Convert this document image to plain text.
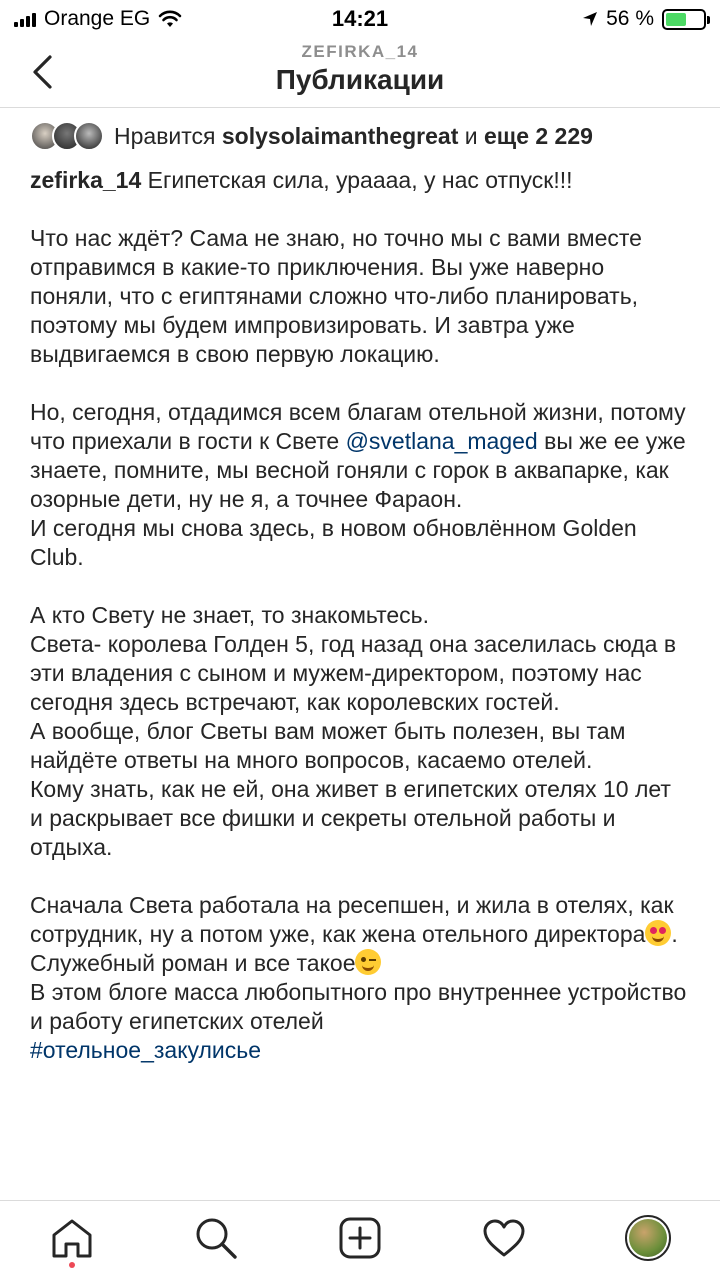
Orange EG	14:21	56 %
ZEFIRKA_14
Публикации
Нравится solysolaimanthegreat и еще 2 229

zefirka_14 Египетская сила, урааaa, у нас отпуск!!!

Что нас ждёт? Сама не знаю, но точно мы с вами вместе отправимся в какие-то приключения. Вы уже наверно поняли, что с египтянами сложно что-либо планировать, поэтому мы будем импровизировать. И завтра уже выдвигаемся в свою первую локацию.

Но, сегодня, отдадимся всем благам отельной жизни, потому что приехали в гости к Свете @svetlana_maged вы же ее уже знаете, помните, мы весной гоняли с горок в аквапарке, как озорные дети, ну не я, а точнее Фараон.

И сегодня мы снова здесь, в новом обновлённом Golden Club.

А кто Свету не знает, то знакомьтесь.

Света- королева Голден 5, год назад она заселилась сюда в эти владения с сыном и мужем-директором, поэтому нас сегодня здесь встречают, как королевских гостей.

А вообще, блог Светы вам может быть полезен, вы там найдёте ответы на много вопросов, касаемо отелей.

Кому знать, как не ей, она живет в египетских отелях 10 лет и раскрывает все фишки и секреты отельной работы и отдыха.

Сначала Света работала на ресепшен, и жила в отелях, как сотрудник, ну а потом уже, как жена отельного директора .

Служебный роман и все такое

В этом блоге масса любопытного про внутреннее устройство и работу египетских отелей

#отельное_закулисье
